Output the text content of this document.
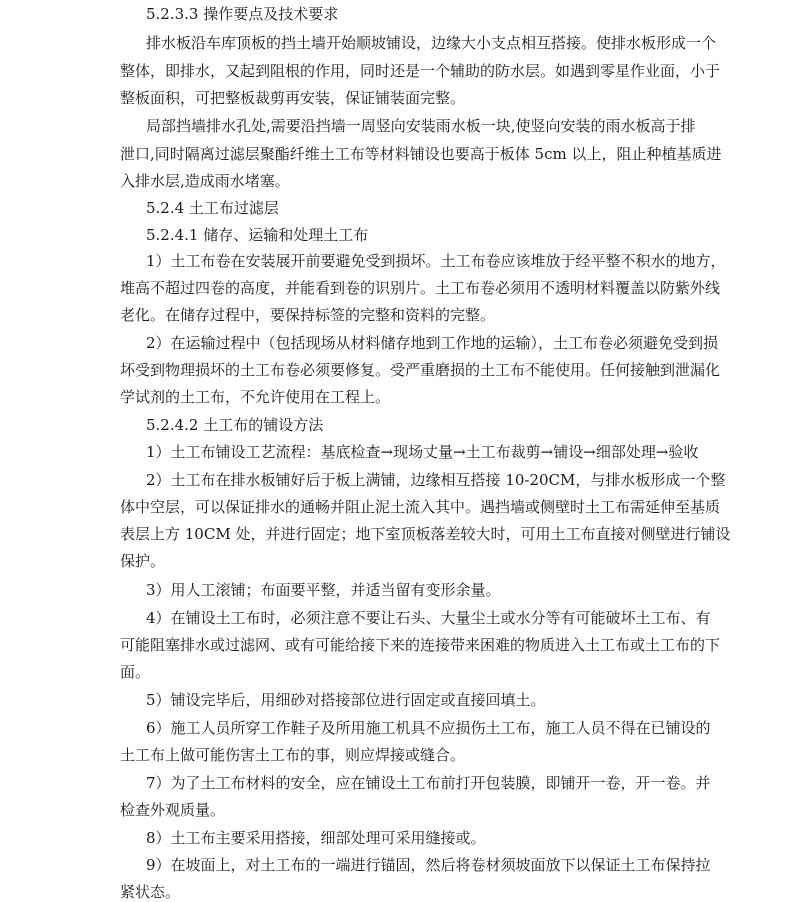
5.2.3.3 操作要点及技术要求
排水板沿车库顶板的挡土墙开始顺坡铺设，边缘大小支点相互搭接。使排水板形成一个
整体，即排水，又起到阻根的作用，同时还是一个辅助的防水层。如遇到零星作业面，小于
整板面积，可把整板裁剪再安装，保证铺装面完整。
局部挡墙排水孔处,需要沿挡墙一周竖向安装雨水板一块,使竖向安装的雨水板高于排
泄口,同时隔离过滤层聚酯纤维土工布等材料铺设也要高于板体 5cm 以上，阻止种植基质进
入排水层,造成雨水堵塞。
5.2.4 土工布过滤层
5.2.4.1 储存、运输和处理土工布
1）土工布卷在安装展开前要避免受到损坏。土工布卷应该堆放于经平整不积水的地方，
堆高不超过四卷的高度，并能看到卷的识别片。土工布卷必须用不透明材料覆盖以防紫外线
老化。在储存过程中，要保持标签的完整和资料的完整。
2）在运输过程中（包括现场从材料储存地到工作地的运输），土工布卷必须避免受到损
坏受到物理损坏的土工布卷必须要修复。受严重磨损的土工布不能使用。任何接触到泄漏化
学试剂的土工布，不允许使用在工程上。
5.2.4.2 土工布的铺设方法
1）土工布铺设工艺流程：基底检查→现场丈量→土工布裁剪→铺设→细部处理→验收
2）土工布在排水板铺好后于板上满铺，边缘相互搭接 10-20CM，与排水板形成一个整
体中空层，可以保证排水的通畅并阻止泥土流入其中。遇挡墙或侧壁时土工布需延伸至基质
表层上方 10CM 处，并进行固定；地下室顶板落差较大时，可用土工布直接对侧壁进行铺设
保护。
3）用人工滚铺；布面要平整，并适当留有变形余量。
4）在铺设土工布时，必须注意不要让石头、大量尘土或水分等有可能破坏土工布、有
可能阻塞排水或过滤网、或有可能给接下来的连接带来困难的物质进入土工布或土工布的下
面。
5）铺设完毕后，用细砂对搭接部位进行固定或直接回填土。
6）施工人员所穿工作鞋子及所用施工机具不应损伤土工布，施工人员不得在已铺设的
土工布上做可能伤害土工布的事，则应焊接或缝合。
7）为了土工布材料的安全，应在铺设土工布前打开包装膜，即铺开一卷，开一卷。并
检查外观质量。
8）土工布主要采用搭接，细部处理可采用缝接或。
9）在坡面上，对土工布的一端进行锚固，然后将卷材须坡面放下以保证土工布保持拉
紧状态。
